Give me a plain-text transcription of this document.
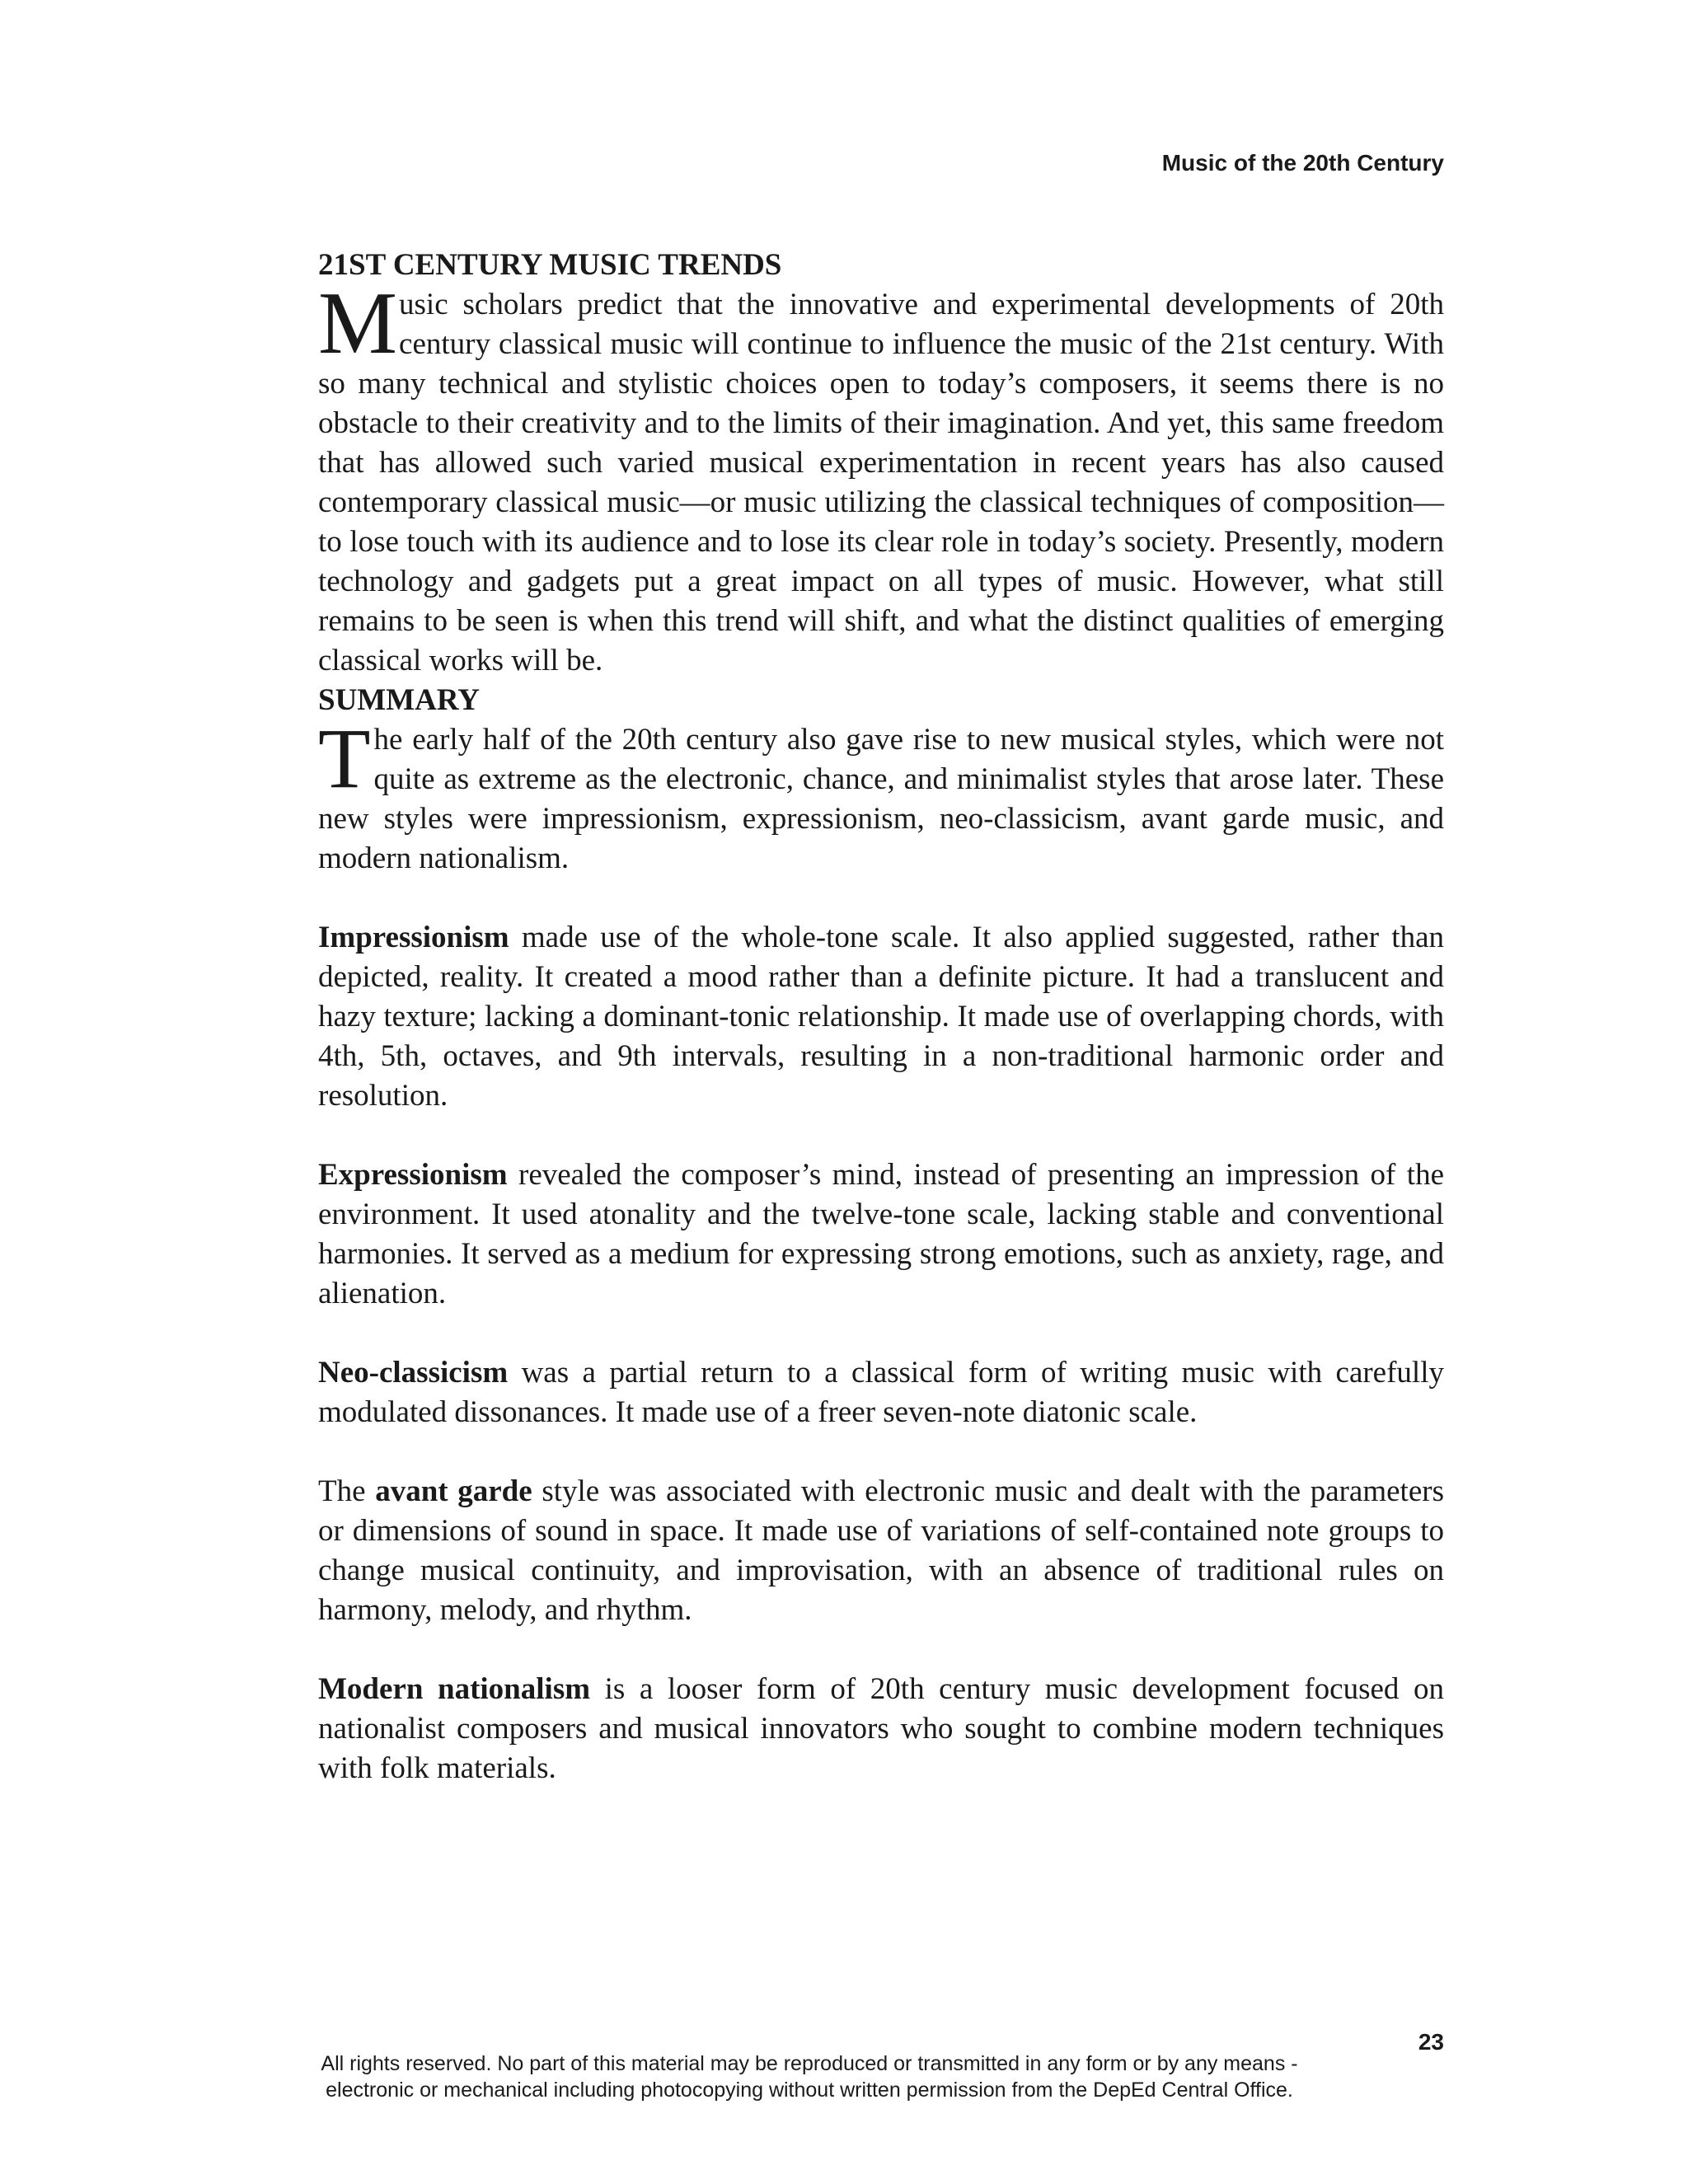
Music of the 20th Century
21ST CENTURY MUSIC TRENDS

Music scholars predict that the innovative and experimental developments of 20th century classical music will continue to influence the music of the 21st century. With so many technical and stylistic choices open to today’s composers, it seems there is no obstacle to their creativity and to the limits of their imagination. And yet, this same freedom that has allowed such varied musical experimentation in recent years has also caused contemporary classical music—or music utilizing the classical techniques of composition—to lose touch with its audience and to lose its clear role in today’s society. Presently, modern technology and gadgets put a great impact on all types of music. However, what still remains to be seen is when this trend will shift, and what the distinct qualities of emerging classical works will be.

SUMMARY

The early half of the 20th century also gave rise to new musical styles, which were not quite as extreme as the electronic, chance, and minimalist styles that arose later. These new styles were impressionism, expressionism, neo-classicism, avant garde music, and modern nationalism.

Impressionism made use of the whole-tone scale. It also applied suggested, rather than depicted, reality. It created a mood rather than a definite picture. It had a translucent and hazy texture; lacking a dominant-tonic relationship. It made use of overlapping chords, with 4th, 5th, octaves, and 9th intervals, resulting in a non-traditional harmonic order and resolution.

Expressionism revealed the composer’s mind, instead of presenting an impression of the environment. It used atonality and the twelve-tone scale, lacking stable and conventional harmonies. It served as a medium for expressing strong emotions, such as anxiety, rage, and alienation.

Neo-classicism was a partial return to a classical form of writing music with carefully modulated dissonances. It made use of a freer seven-note diatonic scale.

The avant garde style was associated with electronic music and dealt with the parameters or dimensions of sound in space. It made use of variations of self-contained note groups to change musical continuity, and improvisation, with an absence of traditional rules on harmony, melody, and rhythm.

Modern nationalism is a looser form of 20th century music development focused on nationalist composers and musical innovators who sought to combine modern techniques with folk materials.

23
All rights reserved. No part of this material may be reproduced or transmitted in any form or by any means -
electronic or mechanical including photocopying without written permission from the DepEd Central Office.
